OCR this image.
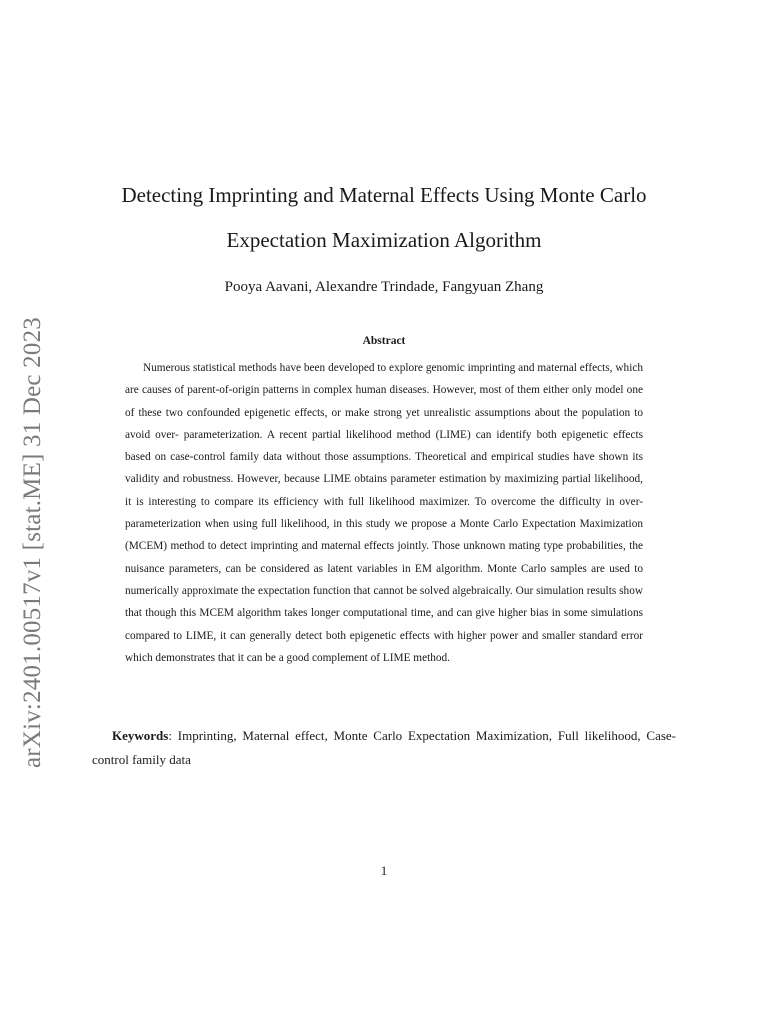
arXiv:2401.00517v1 [stat.ME] 31 Dec 2023
Detecting Imprinting and Maternal Effects Using Monte Carlo
Expectation Maximization Algorithm
Pooya Aavani, Alexandre Trindade, Fangyuan Zhang
Abstract

Numerous statistical methods have been developed to explore genomic imprinting and maternal effects, which are causes of parent-of-origin patterns in complex human diseases. However, most of them either only model one of these two confounded epigenetic effects, or make strong yet unrealistic assumptions about the population to avoid over- parameterization. A recent partial likelihood method (LIME) can identify both epigenetic effects based on case-control family data without those assumptions. Theoretical and empirical studies have shown its validity and robustness. However, because LIME obtains parameter estimation by maximizing partial likelihood, it is interesting to compare its efficiency with full likelihood maximizer. To overcome the difficulty in over-parameterization when using full likelihood, in this study we propose a Monte Carlo Expectation Maximization (MCEM) method to detect imprinting and maternal effects jointly. Those unknown mating type probabilities, the nuisance parameters, can be considered as latent variables in EM algorithm. Monte Carlo samples are used to numerically approximate the expectation function that cannot be solved algebraically. Our simulation results show that though this MCEM algorithm takes longer computational time, and can give higher bias in some simulations compared to LIME, it can generally detect both epigenetic effects with higher power and smaller standard error which demonstrates that it can be a good complement of LIME method.

Keywords: Imprinting, Maternal effect, Monte Carlo Expectation Maximization, Full likelihood, Case-control family data

1
